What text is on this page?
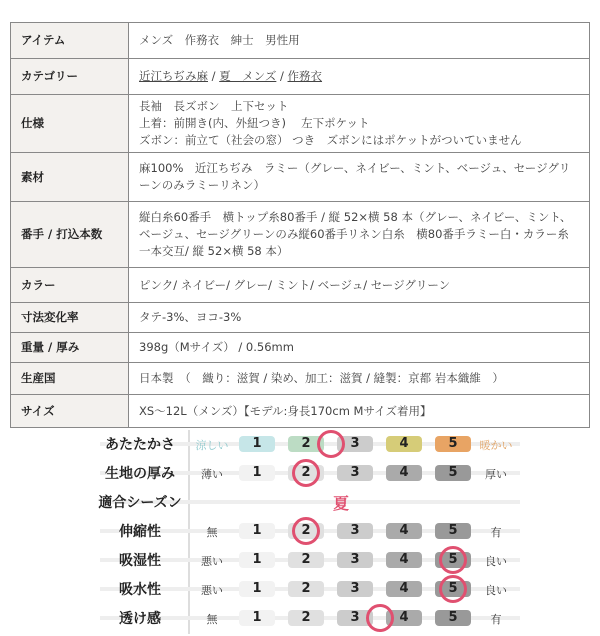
アイテム	メンズ　作務衣　紳士　男性用
カテゴリー	近江ちぢみ麻 / 夏　メンズ / 作務衣
仕様	長袖　長ズボン　上下セット
上着：前開き(内、外紐つき)　 左下ポケット
ズボン：前立て（社会の窓） つき　ズボンにはポケットがついていません

素材	麻100%　近江ちぢみ　ラミー（グレー、ネイビー、ミント、ベージュ、セージグリーンのみラミーリネン）
番手 / 打込本数	縦白糸60番手　横トップ糸80番手 / 縦 52×横 58 本（グレー、ネイビー、ミント、ベージュ、セージグリーンのみ縦60番手リネン白糸　横80番手ラミー白・カラー糸一本交互/ 縦 52×横 58 本）
カラー	ピンク/ ネイビー/ グレー/ ミント/ ベージュ/ セージグリーン
寸法変化率	タテ-3%、ヨコ-3%
重量 / 厚み	398g（Mサイズ） / 0.56mm
生産国	日本製　（　織り：滋賀 / 染め、加工：滋賀 / 縫製：京都 岩本織維　）
サイズ	XS～12L（メンズ）【モデル:身長170cm Mサイズ着用】
あたたかさ	涼しい	暖かい
1	2	3	4	5
生地の厚み	薄い	厚い
1	2	3	4	5
適合シーズン	夏
伸縮性	無	有
1	2	3	4	5
吸湿性	悪い	良い
1	2	3	4	5
吸水性	悪い	良い
1	2	3	4	5
透け感	無	有
1	2	3	4	5
